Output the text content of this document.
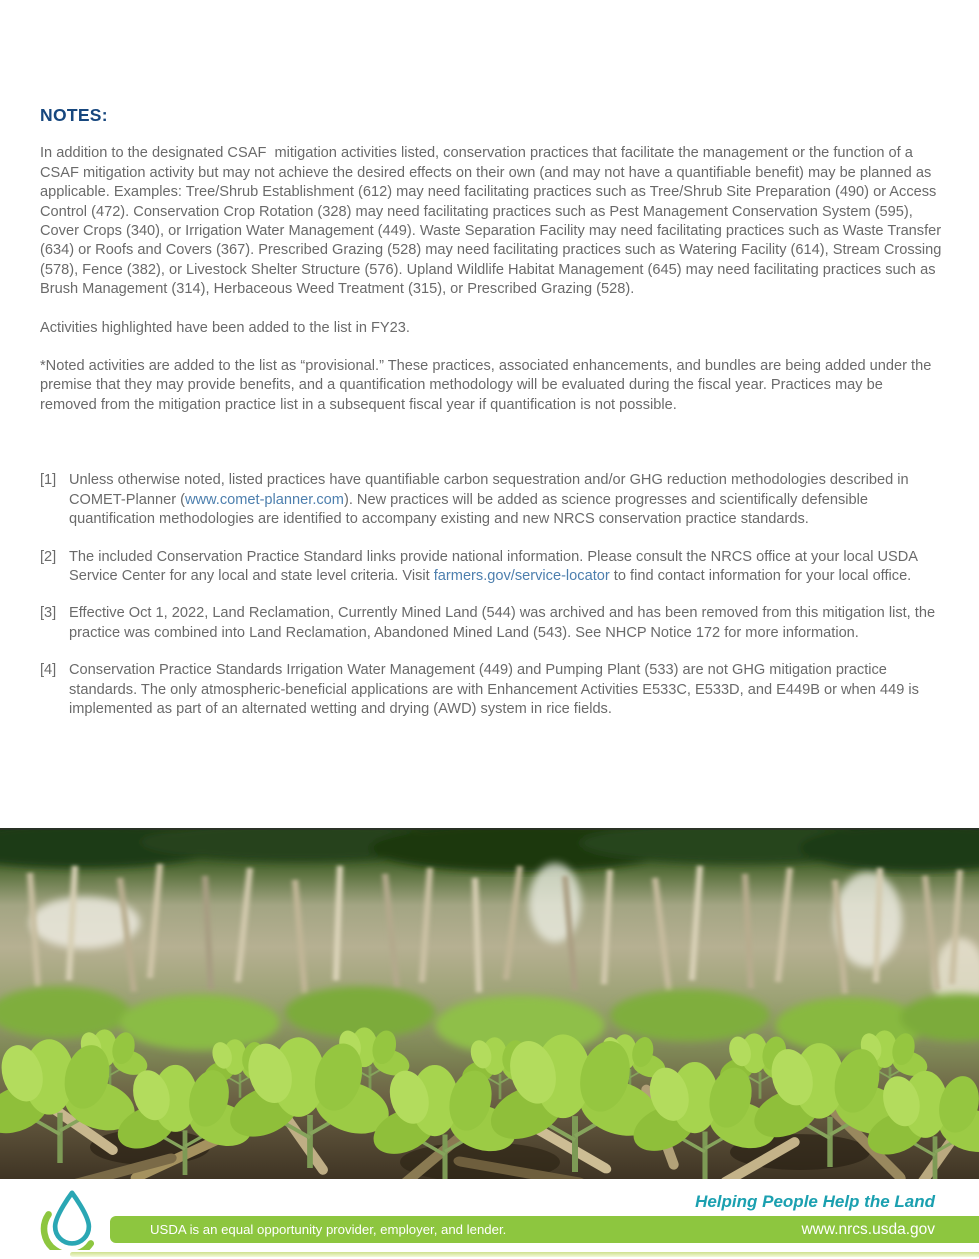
NOTES:

In addition to the designated CSAF  mitigation activities listed, conservation practices that facilitate the management or the function of a CSAF mitigation activity but may not achieve the desired effects on their own (and may not have a quantifiable benefit) may be planned as applicable. Examples: Tree/Shrub Establishment (612) may need facilitating practices such as Tree/Shrub Site Preparation (490) or Access Control (472). Conservation Crop Rotation (328) may need facilitating practices such as Pest Management Conservation System (595), Cover Crops (340), or Irrigation Water Management (449). Waste Separation Facility may need facilitating practices such as Waste Transfer (634) or Roofs and Covers (367). Prescribed Grazing (528) may need facilitating practices such as Watering Facility (614), Stream Crossing (578), Fence (382), or Livestock Shelter Structure (576). Upland Wildlife Habitat Management (645) may need facilitating practices such as Brush Management (314), Herbaceous Weed Treatment (315), or Prescribed Grazing (528).

Activities highlighted have been added to the list in FY23.

*Noted activities are added to the list as “provisional.” These practices, associated enhancements, and bundles are being added under the premise that they may provide benefits, and a quantification methodology will be evaluated during the fiscal year. Practices may be removed from the mitigation practice list in a subsequent fiscal year if quantification is not possible.

[1] Unless otherwise noted, listed practices have quantifiable carbon sequestration and/or GHG reduction methodologies described in COMET-Planner (www.comet-planner.com). New practices will be added as science progresses and scientifically defensible quantification methodologies are identified to accompany existing and new NRCS conservation practice standards.
[2] The included Conservation Practice Standard links provide national information. Please consult the NRCS office at your local USDA Service Center for any local and state level criteria. Visit farmers.gov/service-locator to find contact information for your local office.
[3] Effective Oct 1, 2022, Land Reclamation, Currently Mined Land (544) was archived and has been removed from this mitigation list, the practice was combined into Land Reclamation, Abandoned Mined Land (543). See NHCP Notice 172 for more information.
[4] Conservation Practice Standards Irrigation Water Management (449) and Pumping Plant (533) are not GHG mitigation practice standards. The only atmospheric-beneficial applications are with Enhancement Activities E533C, E533D, and E449B or when 449 is implemented as part of an alternated wetting and drying (AWD) system in rice fields.
Helping People Help the Land
USDA is an equal opportunity provider, employer, and lender.	www.nrcs.usda.gov
